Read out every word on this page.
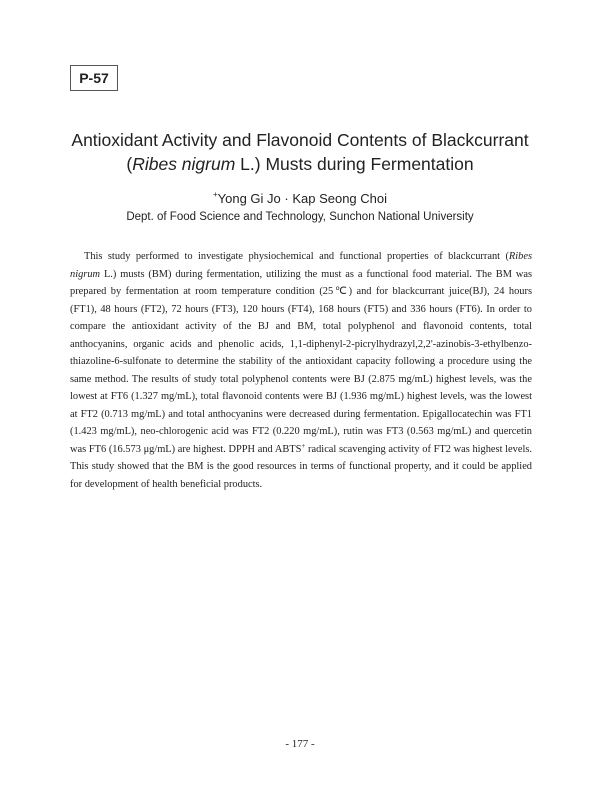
P-57
Antioxidant Activity and Flavonoid Contents of Blackcurrant
(Ribes nigrum L.) Musts during Fermentation
+Yong Gi Jo · Kap Seong Choi
Dept. of Food Science and Technology, Sunchon National University

This study performed to investigate physiochemical and functional properties of blackcurrant (Ribes nigrum L.) musts (BM) during fermentation, utilizing the must as a functional food material. The BM was prepared by fermentation at room temperature condition (25℃) and for blackcurrant juice(BJ), 24 hours (FT1), 48 hours (FT2), 72 hours (FT3), 120 hours (FT4), 168 hours (FT5) and 336 hours (FT6). In order to compare the antioxidant activity of the BJ and BM, total polyphenol and flavonoid contents, total anthocyanins, organic acids and phenolic acids, 1,1-diphenyl-2-picrylhydrazyl,2,2'-azinobis-3-ethylbenzo-thiazoline-6-sulfonate to determine the stability of the antioxidant capacity following a procedure using the same method. The results of study total polyphenol contents were BJ (2.875 mg/mL) highest levels, was the lowest at FT6 (1.327 mg/mL), total flavonoid contents were BJ (1.936 mg/mL) highest levels, was the lowest at FT2 (0.713 mg/mL) and total anthocyanins were decreased during fermentation. Epigallocatechin was FT1 (1.423 mg/mL), neo-chlorogenic acid was FT2 (0.220 mg/mL), rutin was FT3 (0.563 mg/mL) and quercetin was FT6 (16.573 μg/mL) are highest. DPPH and ABTS+ radical scavenging activity of FT2 was highest levels. This study showed that the BM is the good resources in terms of functional property, and it could be applied for development of health beneficial products.

- 177 -
